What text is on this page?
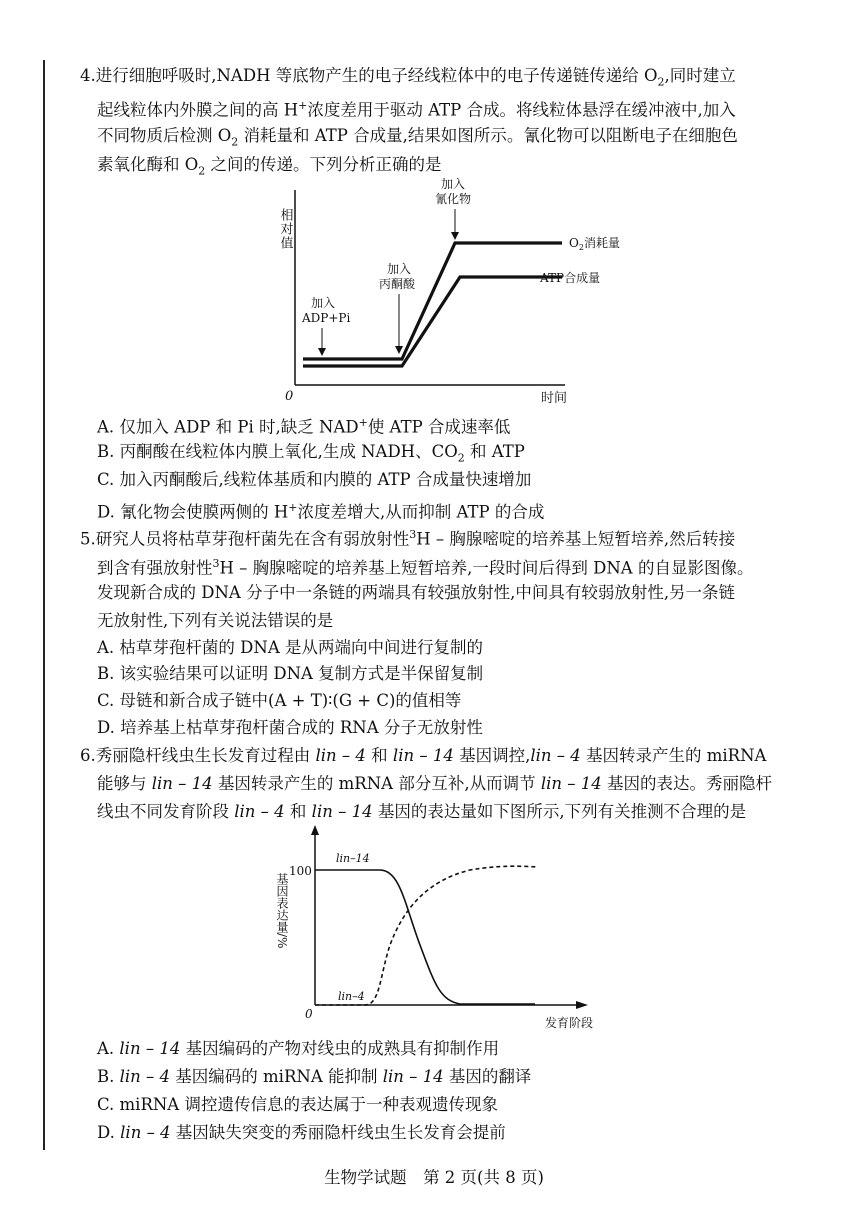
4.进行细胞呼吸时,NADH 等底物产生的电子经线粒体中的电子传递链传递给 $O_2$,同时建立
起线粒体内外膜之间的高 H+浓度差用于驱动 ATP 合成。将线粒体悬浮在缓冲液中,加入
不同物质后检测 $O_2$ 消耗量和 ATP 合成量,结果如图所示。氰化物可以阻断电子在细胞色
素氧化酶和 $O_2$ 之间的传递。下列分析正确的是
相对值
0	时间
$O_2$消耗量
ATP合成量
加入
ADP+Pi
加入
丙酮酸
加入
氰化物
A. 仅加入 ADP 和 Pi 时,缺乏 NAD+使 ATP 合成速率低
B. 丙酮酸在线粒体内膜上氧化,生成 NADH、$CO_2$ 和 ATP
C. 加入丙酮酸后,线粒体基质和内膜的 ATP 合成量快速增加
D. 氰化物会使膜两侧的 H+浓度差增大,从而抑制 ATP 的合成
5.研究人员将枯草芽孢杆菌先在含有弱放射性$^3$H – 胸腺嘧啶的培养基上短暂培养,然后转接
到含有强放射性$^3$H – 胸腺嘧啶的培养基上短暂培养,一段时间后得到 DNA 的自显影图像。
发现新合成的 DNA 分子中一条链的两端具有较强放射性,中间具有较弱放射性,另一条链
无放射性,下列有关说法错误的是
A. 枯草芽孢杆菌的 DNA 是从两端向中间进行复制的
B. 该实验结果可以证明 DNA 复制方式是半保留复制
C. 母链和新合成子链中(A + T)∶(G + C)的值相等
D. 培养基上枯草芽孢杆菌合成的 RNA 分子无放射性
6.秀丽隐杆线虫生长发育过程由 lin – 4 和 lin – 14 基因调控,lin – 4 基因转录产生的 miRNA
能够与 lin – 14 基因转录产生的 mRNA 部分互补,从而调节 lin – 14 基因的表达。秀丽隐杆
线虫不同发育阶段 lin – 4 和 lin – 14 基因的表达量如下图所示,下列有关推测不合理的是
基因表达量/%
100
0
发育阶段
lin–14
lin–4
A. lin – 14 基因编码的产物对线虫的成熟具有抑制作用
B. lin – 4 基因编码的 miRNA 能抑制 lin – 14 基因的翻译
C. miRNA 调控遗传信息的表达属于一种表观遗传现象
D. lin – 4 基因缺失突变的秀丽隐杆线虫生长发育会提前
生物学试题　第 2 页(共 8 页)
